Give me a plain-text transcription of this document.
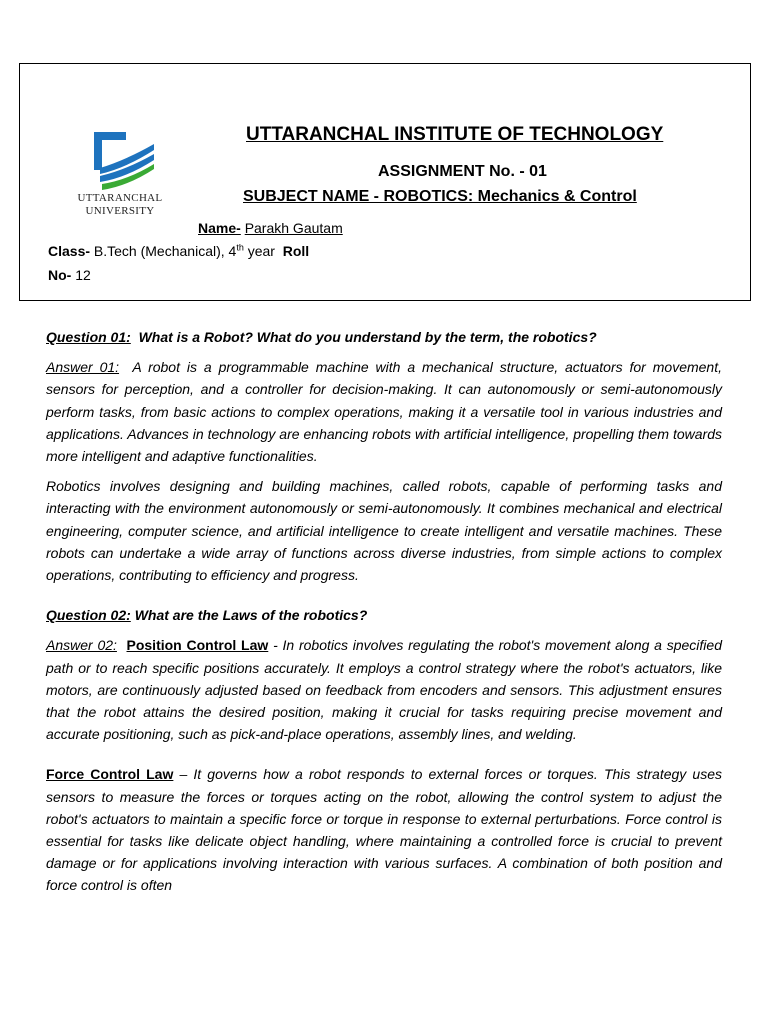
UTTARANCHAL
UNIVERSITY
UTTARANCHAL INSTITUTE OF TECHNOLOGY
ASSIGNMENT No. - 01
SUBJECT NAME - ROBOTICS: Mechanics & Control
Name- Parakh Gautam
Class- B.Tech (Mechanical), 4th year Roll
No- 12

Question 01: What is a Robot? What do you understand by the term, the robotics?

Answer 01: A robot is a programmable machine with a mechanical structure, actuators for movement, sensors for perception, and a controller for decision-making. It can autonomously or semi-autonomously perform tasks, from basic actions to complex operations, making it a versatile tool in various industries and applications. Advances in technology are enhancing robots with artificial intelligence, propelling them towards more intelligent and adaptive functionalities.

Robotics involves designing and building machines, called robots, capable of performing tasks and interacting with the environment autonomously or semi-autonomously. It combines mechanical and electrical engineering, computer science, and artificial intelligence to create intelligent and versatile machines. These robots can undertake a wide array of functions across diverse industries, from simple actions to complex operations, contributing to efficiency and progress.

Question 02: What are the Laws of the robotics?

Answer 02: Position Control Law - In robotics involves regulating the robot's movement along a specified path or to reach specific positions accurately. It employs a control strategy where the robot's actuators, like motors, are continuously adjusted based on feedback from encoders and sensors. This adjustment ensures that the robot attains the desired position, making it crucial for tasks requiring precise movement and accurate positioning, such as pick-and-place operations, assembly lines, and welding.

Force Control Law – It governs how a robot responds to external forces or torques. This strategy uses sensors to measure the forces or torques acting on the robot, allowing the control system to adjust the robot's actuators to maintain a specific force or torque in response to external perturbations. Force control is essential for tasks like delicate object handling, where maintaining a controlled force is crucial to prevent damage or for applications involving interaction with various surfaces. A combination of both position and force control is often
